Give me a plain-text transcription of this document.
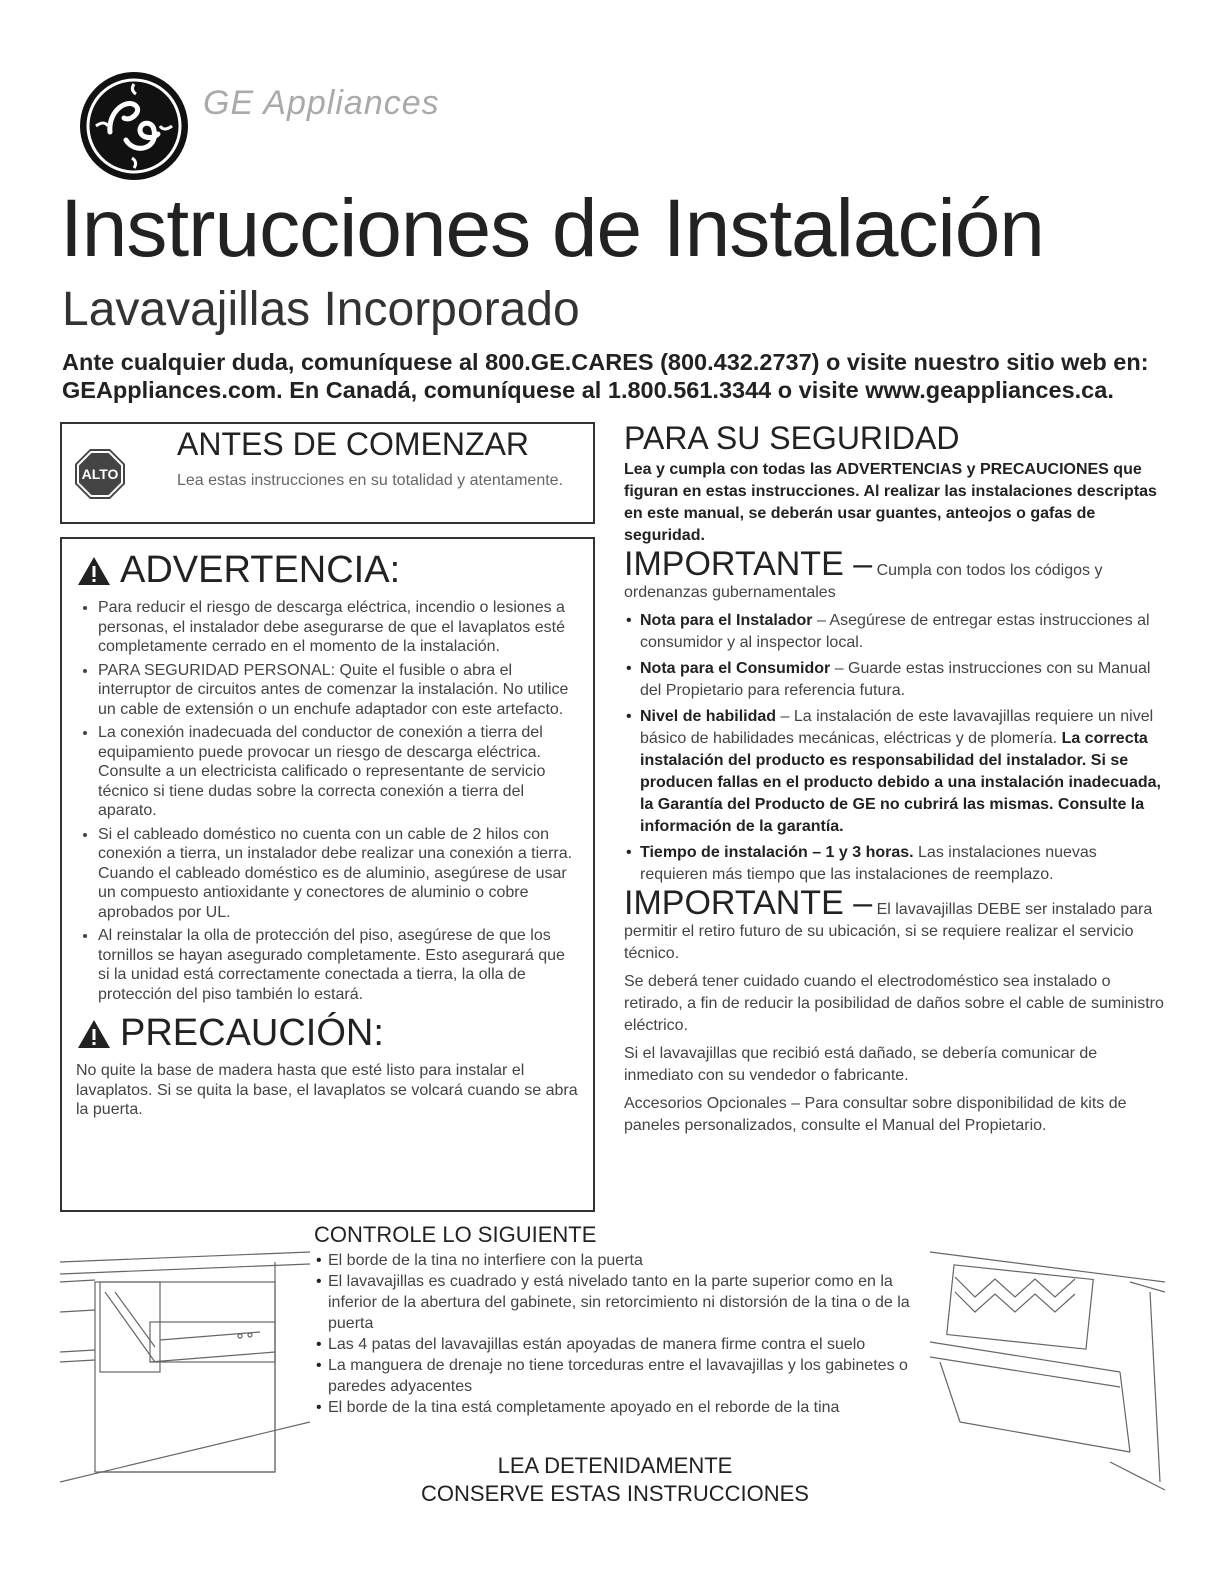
GE Appliances
Instrucciones de Instalación
Lavavajillas Incorporado
Ante cualquier duda, comuníquese al 800.GE.CARES (800.432.2737) o visite nuestro sitio web en: GEAppliances.com. En Canadá, comuníquese al 1.800.561.3344 o visite www.geappliances.ca.
ALTO
ANTES DE COMENZAR

Lea estas instrucciones en su totalidad y atentamente.

ADVERTENCIA:
• Para reducir el riesgo de descarga eléctrica, incendio o lesiones a personas, el instalador debe asegurarse de que el lavaplatos esté completamente cerrado en el momento de la instalación.
• PARA SEGURIDAD PERSONAL: Quite el fusible o abra el interruptor de circuitos antes de comenzar la instalación. No utilice un cable de extensión o un enchufe adaptador con este artefacto.
• La conexión inadecuada del conductor de conexión a tierra del equipamiento puede provocar un riesgo de descarga eléctrica. Consulte a un electricista calificado o representante de servicio técnico si tiene dudas sobre la correcta conexión a tierra del aparato.
• Si el cableado doméstico no cuenta con un cable de 2 hilos con conexión a tierra, un instalador debe realizar una conexión a tierra. Cuando el cableado doméstico es de aluminio, asegúrese de usar un compuesto antioxidante y conectores de aluminio o cobre aprobados por UL.
• Al reinstalar la olla de protección del piso, asegúrese de que los tornillos se hayan asegurado completamente. Esto asegurará que si la unidad está correctamente conectada a tierra, la olla de protección del piso también lo estará.
PRECAUCIÓN:

No quite la base de madera hasta que esté listo para instalar el lavaplatos. Si se quita la base, el lavaplatos se volcará cuando se abra la puerta.

PARA SU SEGURIDAD

Lea y cumpla con todas las ADVERTENCIAS y PRECAUCIONES que figuran en estas instrucciones. Al realizar las instalaciones descriptas en este manual, se deberán usar guantes, anteojos o gafas de seguridad.

IMPORTANTE – Cumpla con todos los códigos y ordenanzas gubernamentales

• Nota para el Instalador – Asegúrese de entregar estas instrucciones al consumidor y al inspector local.
• Nota para el Consumidor – Guarde estas instrucciones con su Manual del Propietario para referencia futura.
• Nivel de habilidad – La instalación de este lavavajillas requiere un nivel básico de habilidades mecánicas, eléctricas y de plomería. La correcta instalación del producto es responsabilidad del instalador. Si se producen fallas en el producto debido a una instalación inadecuada, la Garantía del Producto de GE no cubrirá las mismas. Consulte la información de la garantía.
• Tiempo de instalación – 1 y 3 horas. Las instalaciones nuevas requieren más tiempo que las instalaciones de reemplazo.

IMPORTANTE – El lavavajillas DEBE ser instalado para permitir el retiro futuro de su ubicación, si se requiere realizar el servicio técnico.

Se deberá tener cuidado cuando el electrodoméstico sea instalado o retirado, a fin de reducir la posibilidad de daños sobre el cable de suministro eléctrico.

Si el lavavajillas que recibió está dañado, se debería comunicar de inmediato con su vendedor o fabricante.

Accesorios Opcionales – Para consultar sobre disponibilidad de kits de paneles personalizados, consulte el Manual del Propietario.

CONTROLE LO SIGUIENTE
• El borde de la tina no interfiere con la puerta
• El lavavajillas es cuadrado y está nivelado tanto en la parte superior como en la inferior de la abertura del gabinete, sin retorcimiento ni distorsión de la tina o de la puerta
• Las 4 patas del lavavajillas están apoyadas de manera firme contra el suelo
• La manguera de drenaje no tiene torceduras entre el lavavajillas y los gabinetes o paredes adyacentes
• El borde de la tina está completamente apoyado en el reborde de la tina
LEA DETENIDAMENTE
CONSERVE ESTAS INSTRUCCIONES
